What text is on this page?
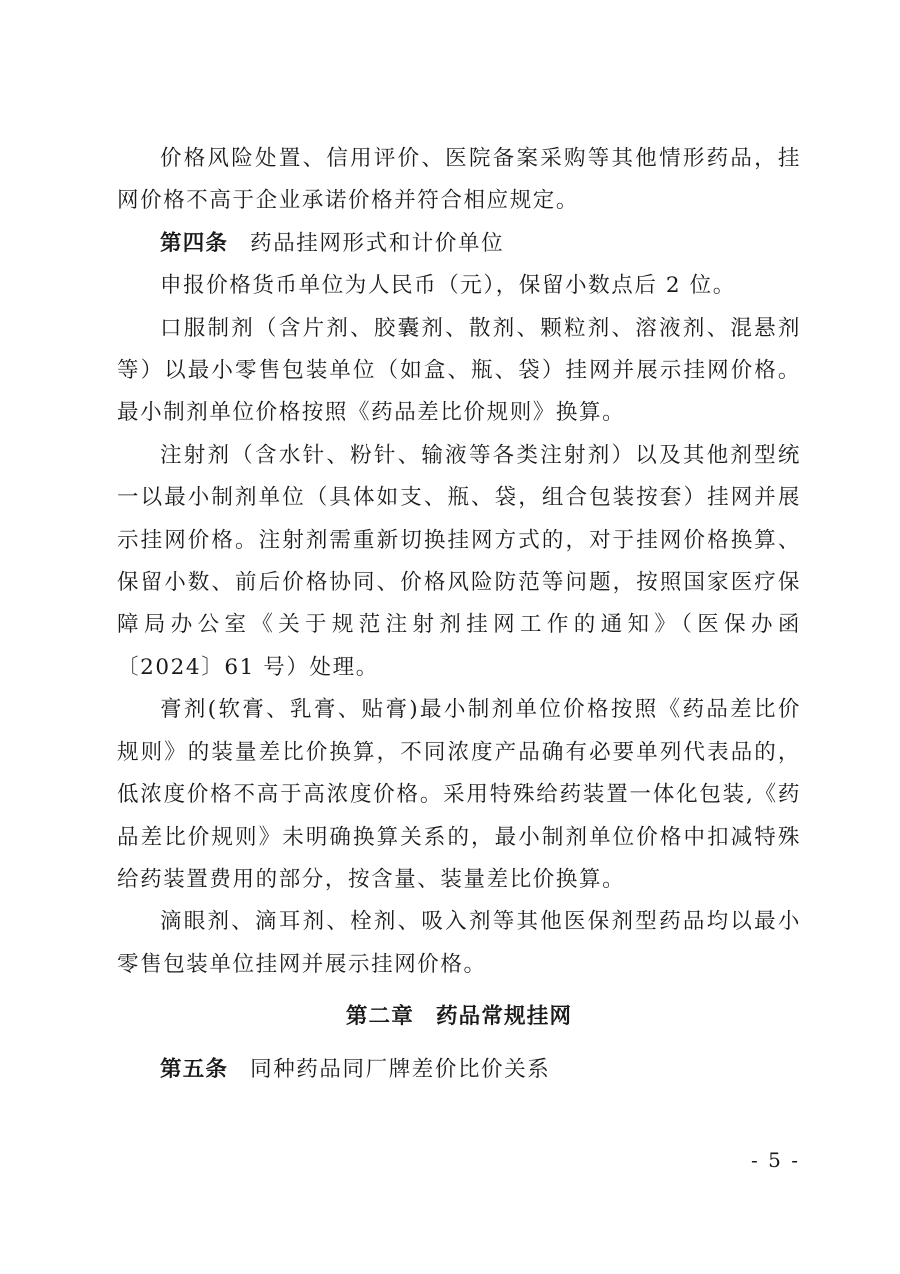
价格风险处置、信用评价、医院备案采购等其他情形药品，挂网价格不高于企业承诺价格并符合相应规定。

第四条 药品挂网形式和计价单位

申报价格货币单位为人民币（元），保留小数点后 2 位。

口服制剂（含片剂、胶囊剂、散剂、颗粒剂、溶液剂、混悬剂等）以最小零售包装单位（如盒、瓶、袋）挂网并展示挂网价格。最小制剂单位价格按照《药品差比价规则》换算。

注射剂（含水针、粉针、输液等各类注射剂）以及其他剂型统一以最小制剂单位（具体如支、瓶、袋，组合包装按套）挂网并展示挂网价格。注射剂需重新切换挂网方式的，对于挂网价格换算、保留小数、前后价格协同、价格风险防范等问题，按照国家医疗保障局办公室《关于规范注射剂挂网工作的通知》（医保办函〔2024〕61 号）处理。

膏剂(软膏、乳膏、贴膏)最小制剂单位价格按照《药品差比价规则》的装量差比价换算，不同浓度产品确有必要单列代表品的，低浓度价格不高于高浓度价格。采用特殊给药装置一体化包装,《药品差比价规则》未明确换算关系的，最小制剂单位价格中扣减特殊给药装置费用的部分，按含量、装量差比价换算。

滴眼剂、滴耳剂、栓剂、吸入剂等其他医保剂型药品均以最小零售包装单位挂网并展示挂网价格。

第二章 药品常规挂网

第五条 同种药品同厂牌差价比价关系

- 5 -
